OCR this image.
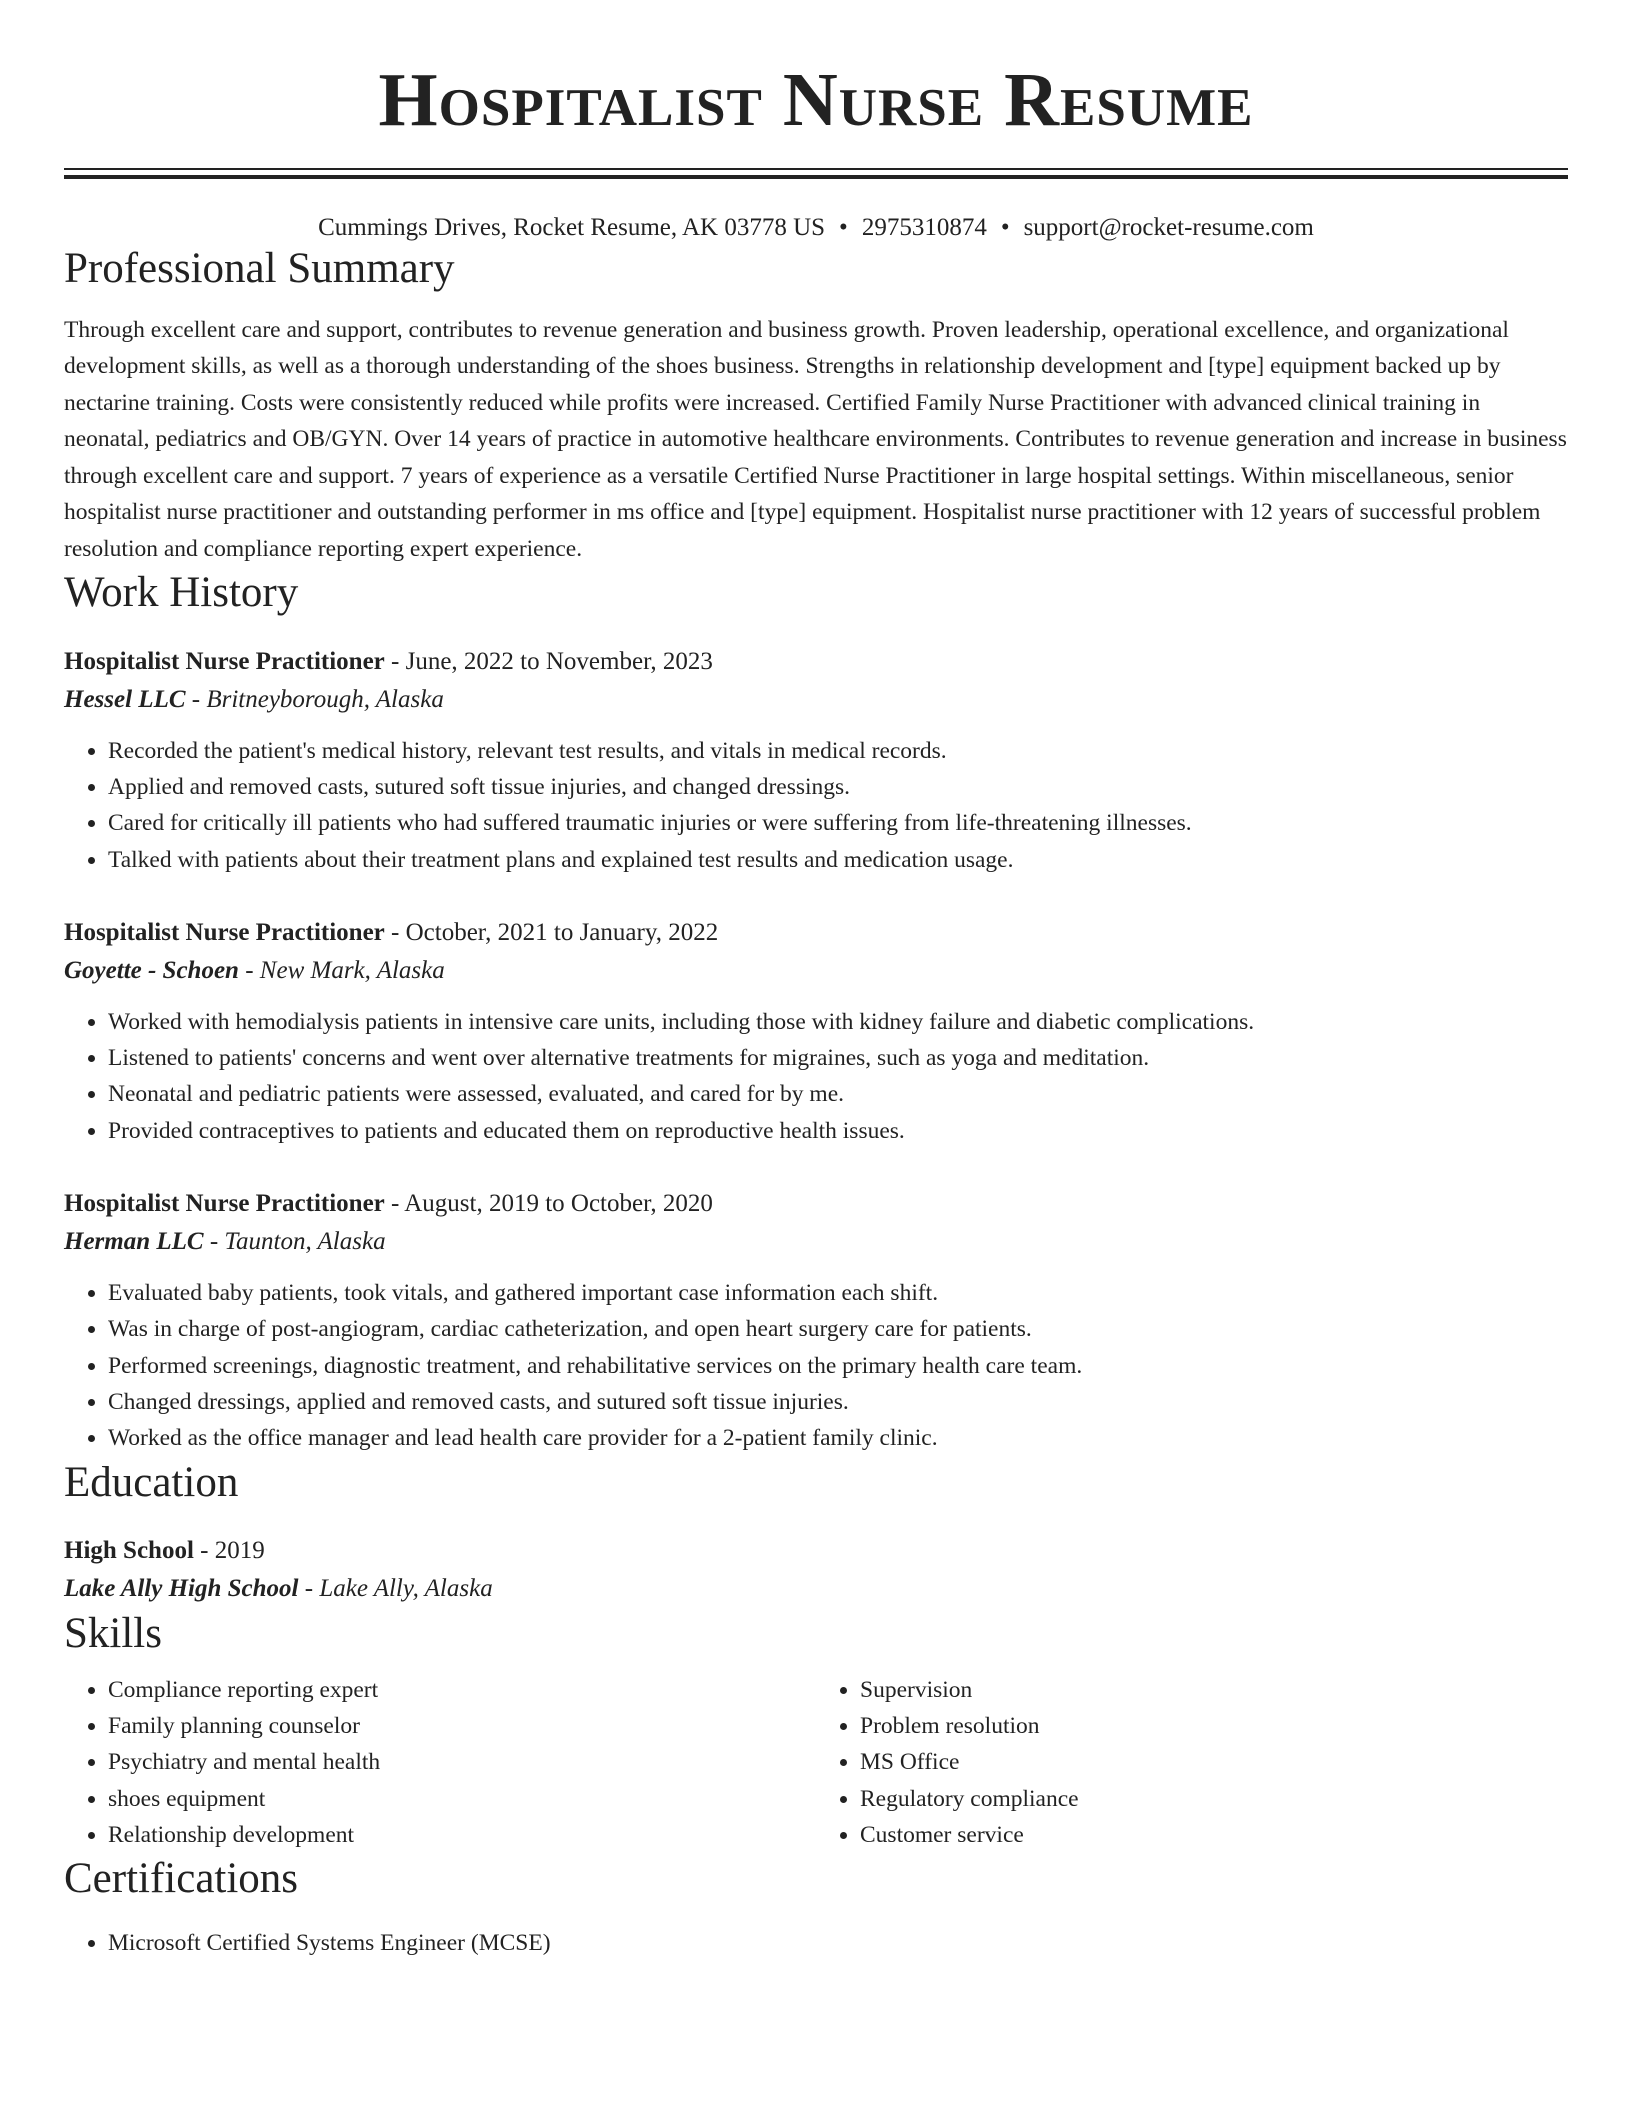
Hospitalist Nurse Resume
Cummings Drives, Rocket Resume, AK 03778 US • 2975310874 • support@rocket-resume.com
Professional Summary

Through excellent care and support, contributes to revenue generation and business growth. Proven leadership, operational excellence, and organizational development skills, as well as a thorough understanding of the shoes business. Strengths in relationship development and [type] equipment backed up by nectarine training. Costs were consistently reduced while profits were increased. Certified Family Nurse Practitioner with advanced clinical training in neonatal, pediatrics and OB/GYN. Over 14 years of practice in automotive healthcare environments. Contributes to revenue generation and increase in business through excellent care and support. 7 years of experience as a versatile Certified Nurse Practitioner in large hospital settings. Within miscellaneous, senior hospitalist nurse practitioner and outstanding performer in ms office and [type] equipment. Hospitalist nurse practitioner with 12 years of successful problem resolution and compliance reporting expert experience.

Work History
Hospitalist Nurse Practitioner - June, 2022 to November, 2023
Hessel LLC - Britneyborough, Alaska
• Recorded the patient's medical history, relevant test results, and vitals in medical records.
• Applied and removed casts, sutured soft tissue injuries, and changed dressings.
• Cared for critically ill patients who had suffered traumatic injuries or were suffering from life-threatening illnesses.
• Talked with patients about their treatment plans and explained test results and medication usage.
Hospitalist Nurse Practitioner - October, 2021 to January, 2022
Goyette - Schoen - New Mark, Alaska
• Worked with hemodialysis patients in intensive care units, including those with kidney failure and diabetic complications.
• Listened to patients' concerns and went over alternative treatments for migraines, such as yoga and meditation.
• Neonatal and pediatric patients were assessed, evaluated, and cared for by me.
• Provided contraceptives to patients and educated them on reproductive health issues.
Hospitalist Nurse Practitioner - August, 2019 to October, 2020
Herman LLC - Taunton, Alaska
• Evaluated baby patients, took vitals, and gathered important case information each shift.
• Was in charge of post-angiogram, cardiac catheterization, and open heart surgery care for patients.
• Performed screenings, diagnostic treatment, and rehabilitative services on the primary health care team.
• Changed dressings, applied and removed casts, and sutured soft tissue injuries.
• Worked as the office manager and lead health care provider for a 2-patient family clinic.
Education
High School - 2019
Lake Ally High School - Lake Ally, Alaska
Skills
• Compliance reporting expert
• Family planning counselor
• Psychiatry and mental health
• shoes equipment
• Relationship development
• Supervision
• Problem resolution
• MS Office
• Regulatory compliance
• Customer service
Certifications
• Microsoft Certified Systems Engineer (MCSE)
